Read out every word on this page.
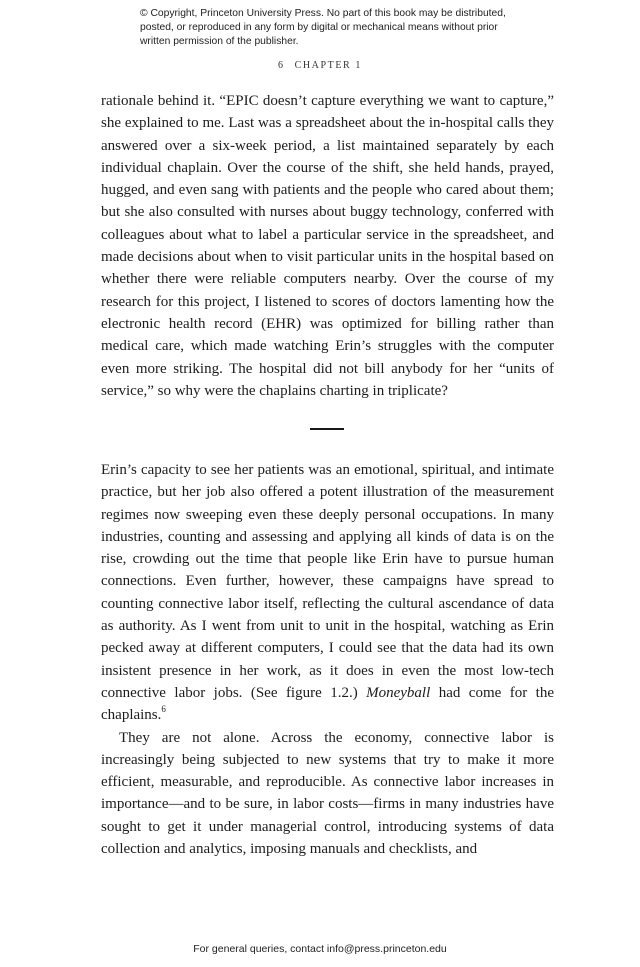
© Copyright, Princeton University Press. No part of this book may be distributed, posted, or reproduced in any form by digital or mechanical means without prior written permission of the publisher.
6 CHAPTER 1

rationale behind it. “EPIC doesn’t capture everything we want to capture,” she explained to me. Last was a spreadsheet about the in-hospital calls they answered over a six-week period, a list maintained separately by each individual chaplain. Over the course of the shift, she held hands, prayed, hugged, and even sang with patients and the people who cared about them; but she also consulted with nurses about buggy technology, conferred with colleagues about what to label a particular service in the spreadsheet, and made decisions about when to visit particular units in the hospital based on whether there were reliable computers nearby. Over the course of my research for this project, I listened to scores of doctors lamenting how the electronic health record (EHR) was optimized for billing rather than medical care, which made watching Erin’s struggles with the computer even more striking. The hospital did not bill anybody for her “units of service,” so why were the chaplains charting in triplicate?

Erin’s capacity to see her patients was an emotional, spiritual, and intimate practice, but her job also offered a potent illustration of the measurement regimes now sweeping even these deeply personal occupations. In many industries, counting and assessing and applying all kinds of data is on the rise, crowding out the time that people like Erin have to pursue human connections. Even further, however, these campaigns have spread to counting connective labor itself, reflecting the cultural ascendance of data as authority. As I went from unit to unit in the hospital, watching as Erin pecked away at different computers, I could see that the data had its own insistent presence in her work, as it does in even the most low-tech connective labor jobs. (See figure 1.2.) Moneyball had come for the chaplains.$^6$

They are not alone. Across the economy, connective labor is increasingly being subjected to new systems that try to make it more efficient, measurable, and reproducible. As connective labor increases in importance—and to be sure, in labor costs—firms in many industries have sought to get it under managerial control, introducing systems of data collection and analytics, imposing manuals and checklists, and

For general queries, contact info@press.princeton.edu
